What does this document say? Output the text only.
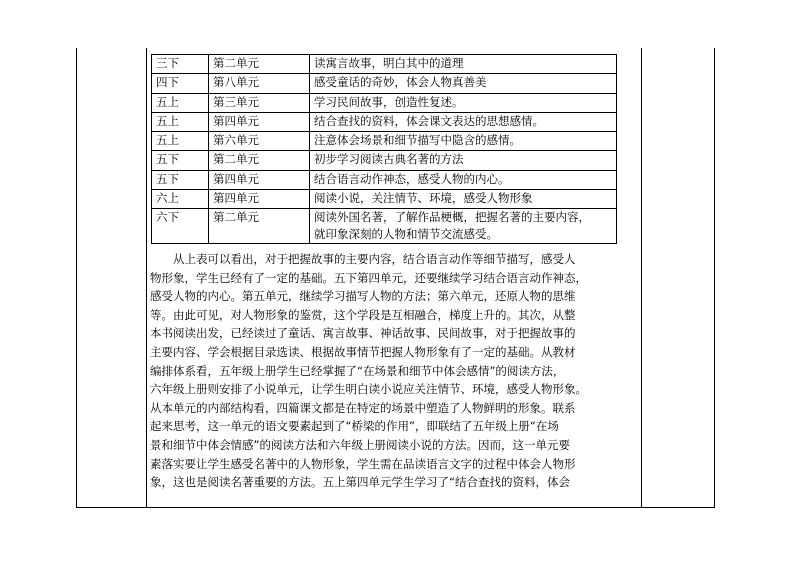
三下	第二单元	读寓言故事，明白其中的道理

四下	第八单元	感受童话的奇妙，体会人物真善美

五上	第三单元	学习民间故事，创造性复述。

五上	第四单元	结合查找的资料，体会课文表达的思想感情。

五上	第六单元	注意体会场景和细节描写中隐含的感情。

五下	第二单元	初步学习阅读古典名著的方法

五下	第四单元	结合语言动作神态，感受人物的内心。

六上	第四单元	阅读小说，关注情节、环境，感受人物形象

六下	第二单元	阅读外国名著，了解作品梗概，把握名著的主要内容，
就印象深刻的人物和情节交流感受。
　　从上表可以看出，对于把握故事的主要内容，结合语言动作等细节描写，感受人
物形象，学生已经有了一定的基础。五下第四单元，还要继续学习结合语言动作神态，
感受人物的内心。第五单元，继续学习描写人物的方法；第六单元，还原人物的思维
等。由此可见，对人物形象的鉴赏，这个学段是互相融合，梯度上升的。其次，从整
本书阅读出发，已经读过了童话、寓言故事、神话故事、民间故事，对于把握故事的
主要内容、学会根据目录选读、根据故事情节把握人物形象有了一定的基础。从教材
编排体系看，五年级上册学生已经掌握了“在场景和细节中体会感情”的阅读方法，
六年级上册则安排了小说单元，让学生明白读小说应关注情节、环境，感受人物形象。
从本单元的内部结构看，四篇课文都是在特定的场景中塑造了人物鲜明的形象。联系
起来思考，这一单元的语文要素起到了“桥梁的作用”，即联结了五年级上册“在场
景和细节中体会情感”的阅读方法和六年级上册阅读小说的方法。因而，这一单元要
素落实要让学生感受名著中的人物形象，学生需在品读语言文字的过程中体会人物形
象，这也是阅读名著重要的方法。五上第四单元学生学习了“结合查找的资料，体会
